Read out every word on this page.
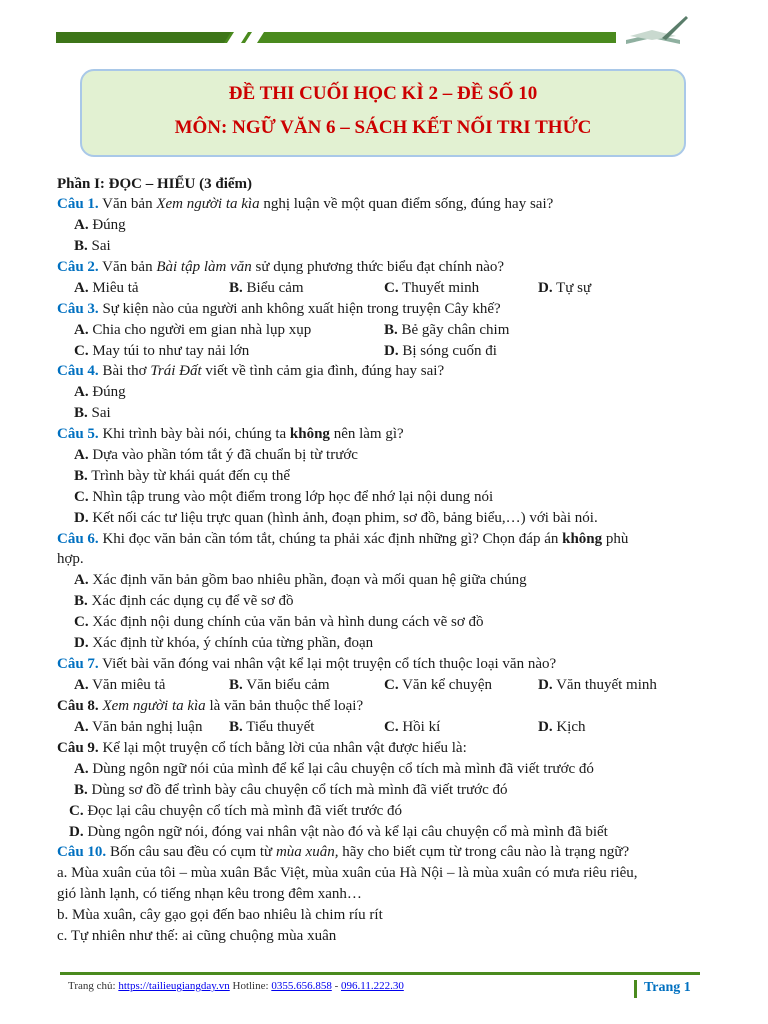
ĐỀ THI CUỐI HỌC KÌ 2 – ĐỀ SỐ 10
MÔN: NGỮ VĂN 6 – SÁCH KẾT NỐI TRI THỨC
Phần I: ĐỌC – HIỂU (3 điểm)
Câu 1. Văn bản Xem người ta kìa nghị luận về một quan điểm sống, đúng hay sai?
A. Đúng
B. Sai
Câu 2. Văn bản Bài tập làm văn sử dụng phương thức biểu đạt chính nào?
A. Miêu tả	B. Biểu cảm	C. Thuyết minh	D. Tự sự
Câu 3. Sự kiện nào của người anh không xuất hiện trong truyện Cây khế?
A. Chia cho người em gian nhà lụp xụp	B. Bẻ gãy chân chim
C. May túi to như tay nải lớn	D. Bị sóng cuốn đi
Câu 4. Bài thơ Trái Đất viết về tình cảm gia đình, đúng hay sai?
A. Đúng
B. Sai
Câu 5. Khi trình bày bài nói, chúng ta không nên làm gì?
A. Dựa vào phần tóm tắt ý đã chuẩn bị từ trước
B. Trình bày từ khái quát đến cụ thể
C. Nhìn tập trung vào một điểm trong lớp học để nhớ lại nội dung nói
D. Kết nối các tư liệu trực quan (hình ảnh, đoạn phim, sơ đồ, bảng biểu,…) với bài nói.
Câu 6. Khi đọc văn bản cần tóm tắt, chúng ta phải xác định những gì? Chọn đáp án không phù
hợp.
A. Xác định văn bản gồm bao nhiêu phần, đoạn và mối quan hệ giữa chúng
B. Xác định các dụng cụ để vẽ sơ đồ
C. Xác định nội dung chính của văn bản và hình dung cách vẽ sơ đồ
D. Xác định từ khóa, ý chính của từng phần, đoạn
Câu 7. Viết bài văn đóng vai nhân vật kể lại một truyện cổ tích thuộc loại văn nào?
A. Văn miêu tả	B. Văn biểu cảm	C. Văn kể chuyện	D. Văn thuyết minh
Câu 8. Xem người ta kìa là văn bản thuộc thể loại?
A. Văn bản nghị luận B. Tiểu thuyết	C. Hồi kí	D. Kịch
Câu 9. Kể lại một truyện cổ tích bằng lời của nhân vật được hiểu là:
A. Dùng ngôn ngữ nói của mình để kể lại câu chuyện cổ tích mà mình đã viết trước đó
B. Dùng sơ đồ để trình bày câu chuyện cổ tích mà mình đã viết trước đó
C. Đọc lại câu chuyện cổ tích mà mình đã viết trước đó
D. Dùng ngôn ngữ nói, đóng vai nhân vật nào đó và kể lại câu chuyện cổ mà mình đã biết
Câu 10. Bốn câu sau đều có cụm từ mùa xuân, hãy cho biết cụm từ trong câu nào là trạng ngữ?
a. Mùa xuân của tôi – mùa xuân Bắc Việt, mùa xuân của Hà Nội – là mùa xuân có mưa riêu riêu,
gió lành lạnh, có tiếng nhạn kêu trong đêm xanh…
b. Mùa xuân, cây gạo gọi đến bao nhiêu là chim ríu rít
c. Tự nhiên như thế: ai cũng chuộng mùa xuân
Trang chủ: https://tailieugiangday.vn Hotline: 0355.656.858 - 096.11.222.30	Trang 1
